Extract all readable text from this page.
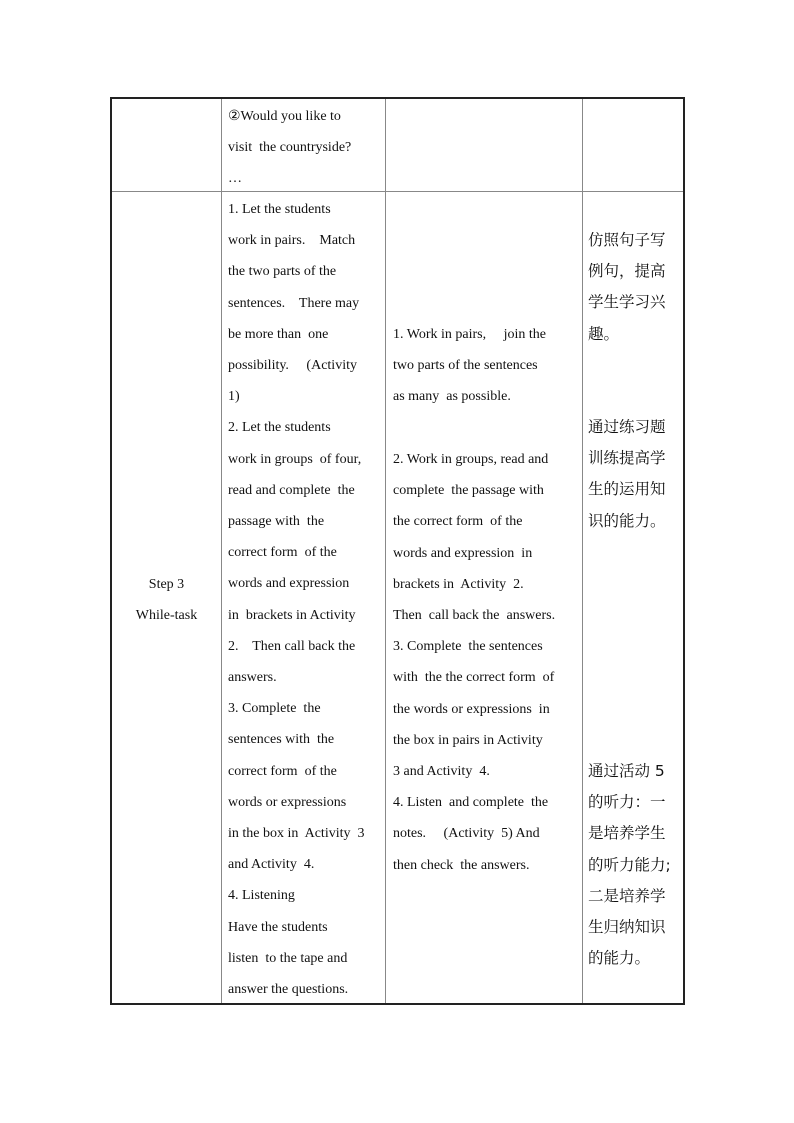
②Would you like to
visit  the countryside?
…
Step 3
While-task
1. Let the students
work in pairs.    Match
the two parts of the
sentences.    There may
be more than  one
possibility.     (Activity
1)
2. Let the students
work in groups  of four,
read and complete  the
passage with  the
correct form  of the
words and expression
in  brackets in Activity
2.    Then call back the
answers.
3. Complete  the
sentences with  the
correct form  of the
words or expressions
in the box in  Activity  3
and Activity  4.
4. Listening
Have the students
listen  to the tape and
answer the questions.
1. Work in pairs,     join the
two parts of the sentences
as many  as possible.
2. Work in groups, read and
complete  the passage with
the correct form  of the
words and expression  in
brackets in  Activity  2.
Then  call back the  answers.
3. Complete  the sentences
with  the the correct form  of
the words or expressions  in
the box in pairs in Activity
3 and Activity  4.
4. Listen  and complete  the
notes.     (Activity  5) And
then check  the answers.
仿照句子写
例句，提高
学生学习兴
趣。
通过练习题
训练提高学
生的运用知
识的能力。
通过活动 5
的听力：一
是培养学生
的听力能力;
二是培养学
生归纳知识
的能力。
